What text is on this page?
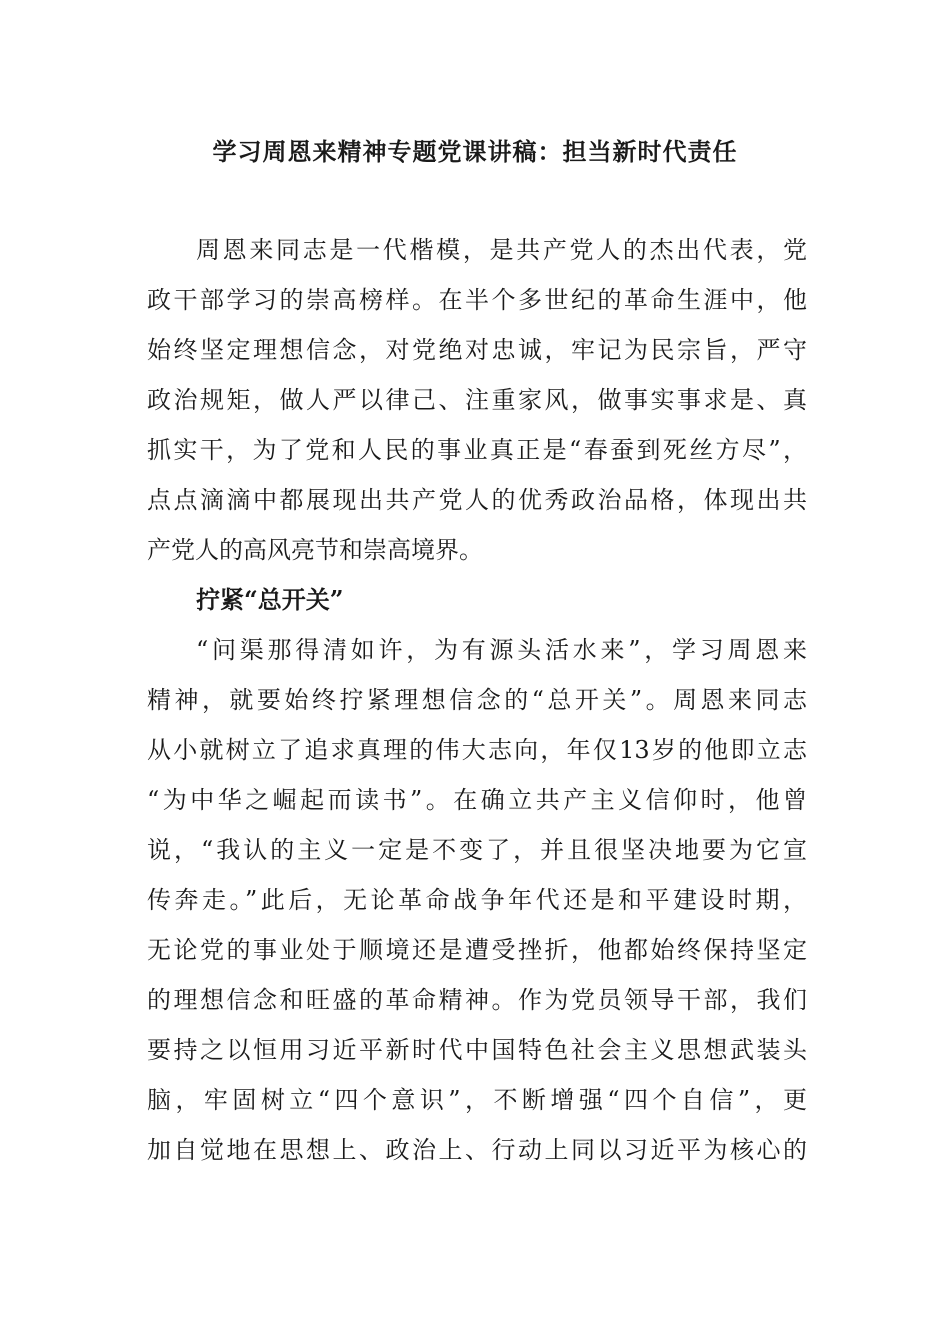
学习周恩来精神专题党课讲稿：担当新时代责任

周恩来同志是一代楷模，是共产党人的杰出代表，党

政干部学习的崇高榜样。在半个多世纪的革命生涯中，他

始终坚定理想信念，对党绝对忠诚，牢记为民宗旨，严守

政治规矩，做人严以律己、注重家风，做事实事求是、真

抓实干，为了党和人民的事业真正是“春蚕到死丝方尽”，

点点滴滴中都展现出共产党人的优秀政治品格，体现出共

产党人的高风亮节和崇高境界。

拧紧“总开关”

“问渠那得清如许，为有源头活水来”，学习周恩来

精神，就要始终拧紧理想信念的“总开关”。周恩来同志

从小就树立了追求真理的伟大志向，年仅13岁的他即立志

“为中华之崛起而读书”。在确立共产主义信仰时，他曾

说，“我认的主义一定是不变了，并且很坚决地要为它宣

传奔走。”此后，无论革命战争年代还是和平建设时期，

无论党的事业处于顺境还是遭受挫折，他都始终保持坚定

的理想信念和旺盛的革命精神。作为党员领导干部，我们

要持之以恒用习近平新时代中国特色社会主义思想武装头

脑，牢固树立“四个意识”，不断增强“四个自信”，更

加自觉地在思想上、政治上、行动上同以习近平为核心的
